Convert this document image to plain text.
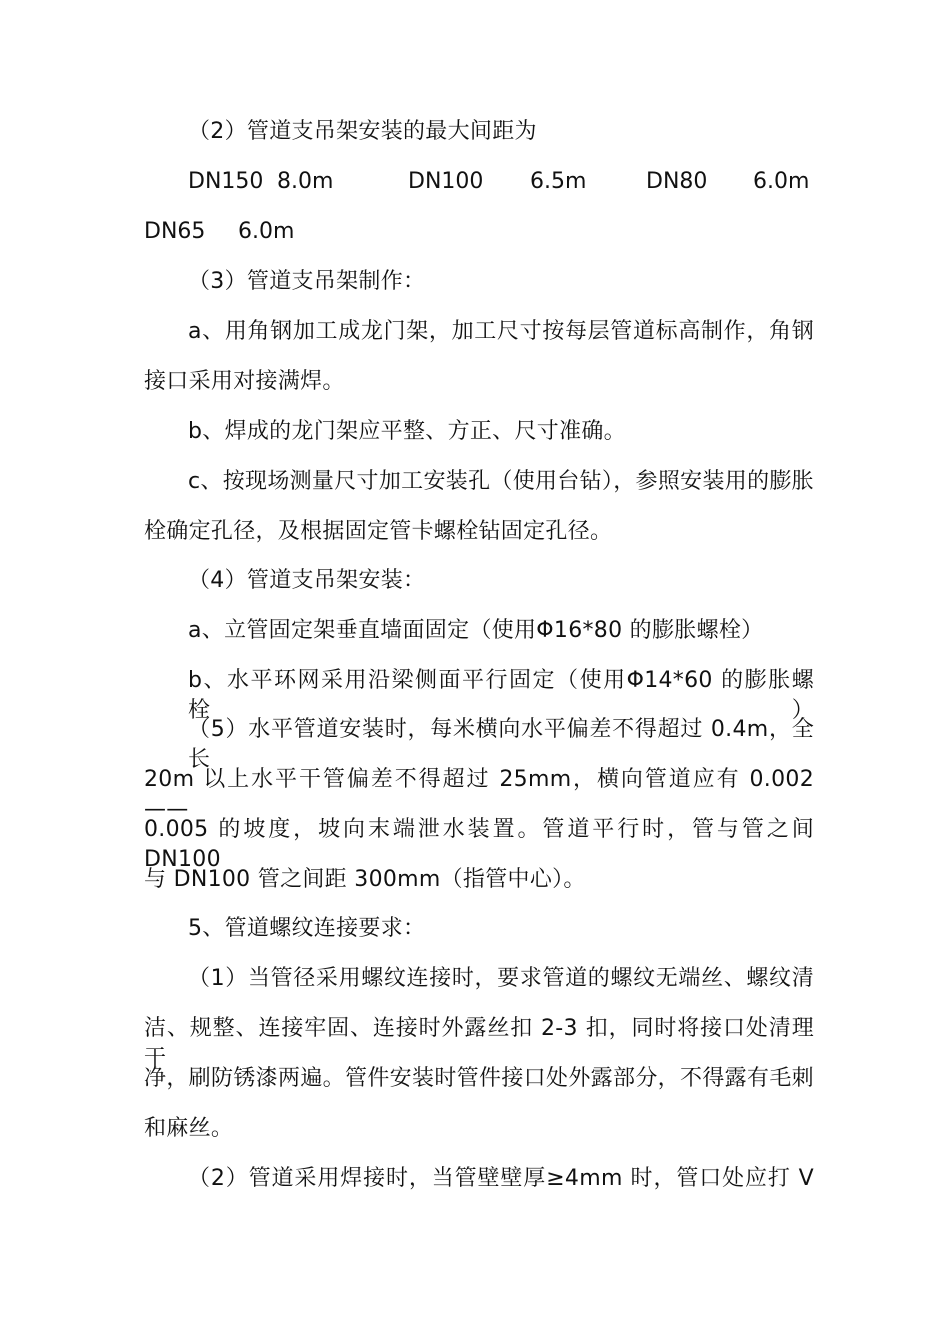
（2）管道支吊架安装的最大间距为
DN150 8.0m	DN100 6.5m	DN80 6.0m
DN65 6.0m
（3）管道支吊架制作：
a、用角钢加工成龙门架，加工尺寸按每层管道标高制作，角钢
接口采用对接满焊。
b、焊成的龙门架应平整、方正、尺寸准确。
c、按现场测量尺寸加工安装孔（使用台钻），参照安装用的膨胀
栓确定孔径，及根据固定管卡螺栓钻固定孔径。
（4）管道支吊架安装：
a、立管固定架垂直墙面固定（使用Φ16*80 的膨胀螺栓）
b、水平环网采用沿梁侧面平行固定（使用Φ14*60 的膨胀螺栓）
（5）水平管道安装时，每米横向水平偏差不得超过 0.4m，全长
20m 以上水平干管偏差不得超过 25mm，横向管道应有 0.002——
0.005 的坡度，坡向末端泄水装置。管道平行时，管与管之间 DN100
与 DN100 管之间距 300mm（指管中心）。
5、管道螺纹连接要求：
（1）当管径采用螺纹连接时，要求管道的螺纹无端丝、螺纹清
洁、规整、连接牢固、连接时外露丝扣 2-3 扣，同时将接口处清理干
净，刷防锈漆两遍。管件安装时管件接口处外露部分，不得露有毛刺
和麻丝。
（2）管道采用焊接时，当管壁壁厚≥4mm 时，管口处应打 V
